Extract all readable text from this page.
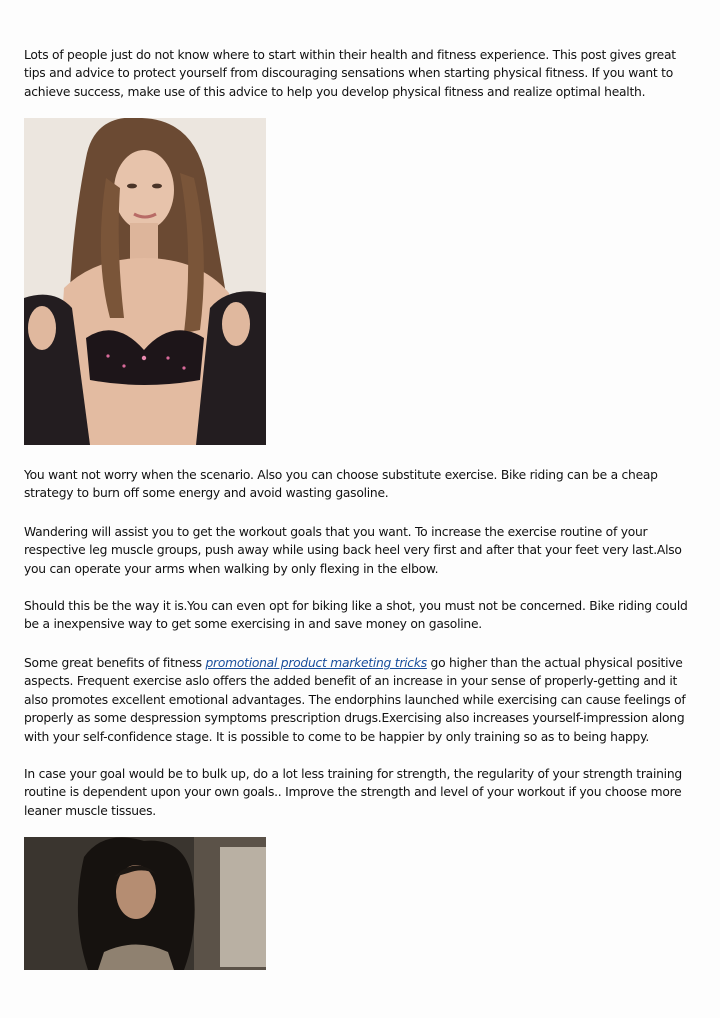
Lots of people just do not know where to start within their health and fitness experience. This post gives great tips and advice to protect yourself from discouraging sensations when starting physical fitness. If you want to achieve success, make use of this advice to help you develop physical fitness and realize optimal health.

You want not worry when the scenario. Also you can choose substitute exercise. Bike riding can be a cheap strategy to burn off some energy and avoid wasting gasoline.

Wandering will assist you to get the workout goals that you want. To increase the exercise routine of your respective leg muscle groups, push away while using back heel very first and after that your feet very last.Also you can operate your arms when walking by only flexing in the elbow.

Should this be the way it is.You can even opt for biking like a shot, you must not be concerned. Bike riding could be a inexpensive way to get some exercising in and save money on gasoline.

Some great benefits of fitness promotional product marketing tricks go higher than the actual physical positive aspects. Frequent exercise aslo offers the added benefit of an increase in your sense of properly-getting and it also promotes excellent emotional advantages. The endorphins launched while exercising can cause feelings of properly as some despression symptoms prescription drugs.Exercising also increases yourself-impression along with your self-confidence stage. It is possible to come to be happier by only training so as to being happy.

In case your goal would be to bulk up, do a lot less training for strength, the regularity of your strength training routine is dependent upon your own goals.. Improve the strength and level of your workout if you choose more leaner muscle tissues.
